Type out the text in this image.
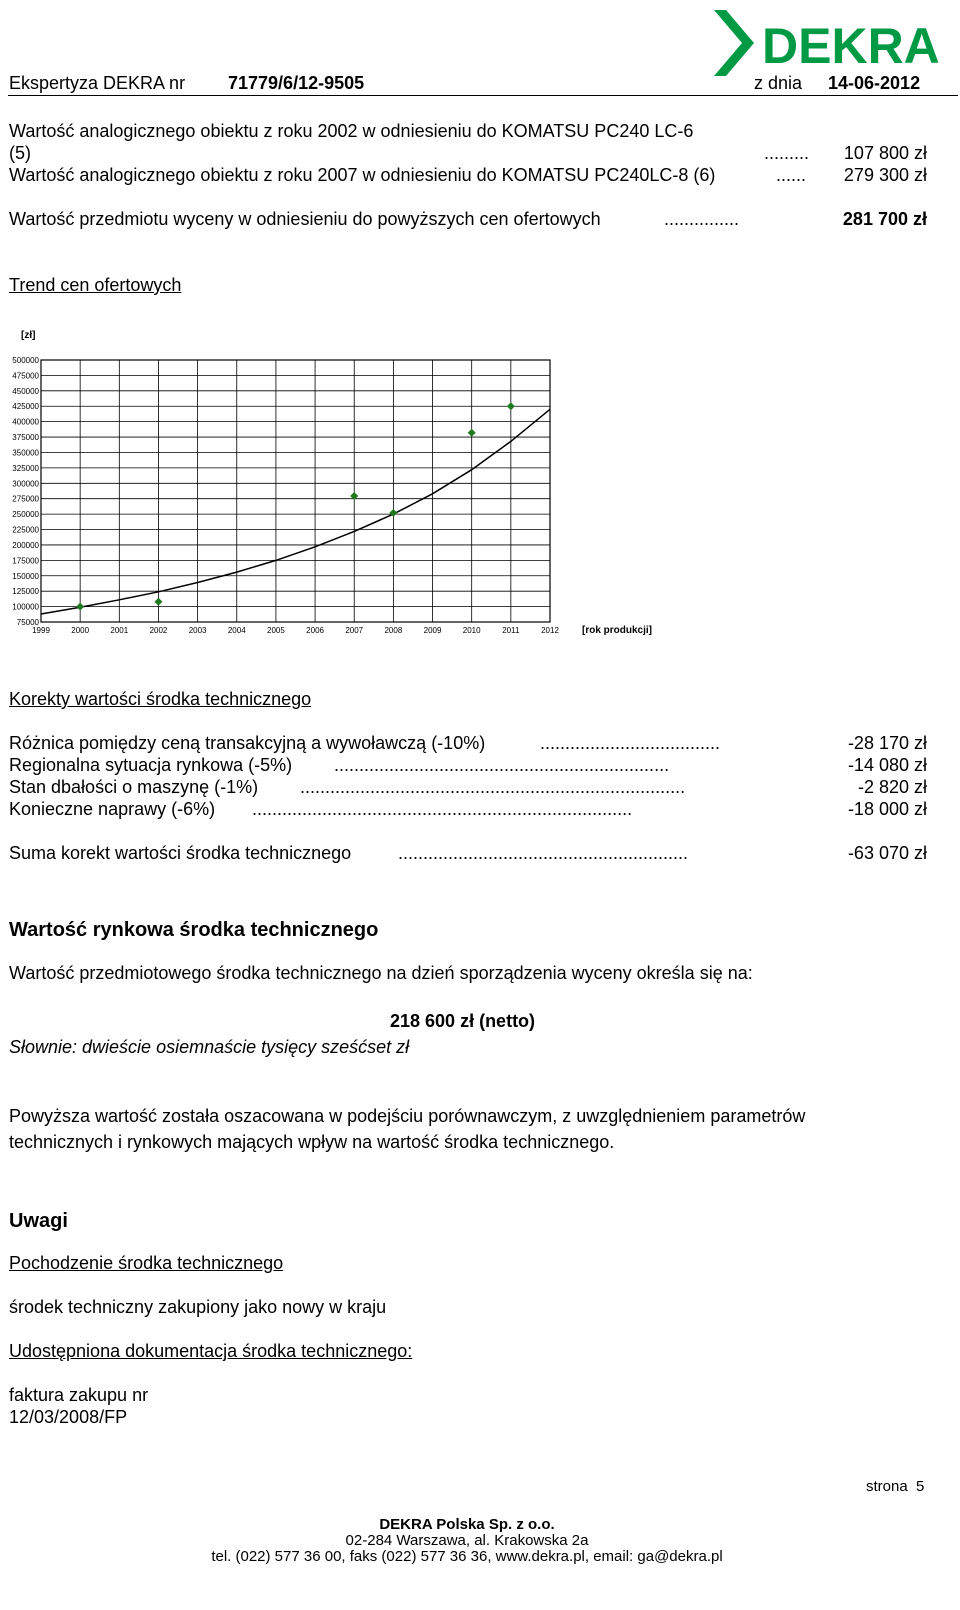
DEKRA
Ekspertyza DEKRA nr 71779/6/12-9505	z dnia 14-06-2012
Wartość analogicznego obiektu z roku 2002 w odniesieniu do KOMATSU PC240 LC-6
(5)	......... 107 800 zł
Wartość analogicznego obiektu z roku 2007 w odniesieniu do KOMATSU PC240LC-8 (6)	...... 279 300 zł
Wartość przedmiotu wyceny w odniesieniu do powyższych cen ofertowych	...............	281 700 zł
Trend cen ofertowych
75000
100000
125000
150000
175000
200000
225000
250000
275000
300000
325000
350000
375000
400000
425000
450000
475000
500000
1999	2000	2001	2002	2003	2004	2005	2006	2007	2008	2009	2010	2011	2012
[zł]
[rok produkcji]
Korekty wartości środka technicznego
Różnica pomiędzy ceną transakcyjną a wywoławczą (-10%)	....................................	-28 170 zł
Regionalna sytuacja rynkowa (-5%) ...................................................................	-14 080 zł
Stan dbałości o maszynę (-1%) .............................................................................	-2 820 zł
Konieczne naprawy (-6%) ............................................................................	-18 000 zł
Suma korekt wartości środka technicznego	..........................................................	-63 070 zł
Wartość rynkowa środka technicznego
Wartość przedmiotowego środka technicznego na dzień sporządzenia wyceny określa się na:
218 600 zł (netto)
Słownie: dwieście osiemnaście tysięcy sześćset zł
Powyższa wartość została oszacowana w podejściu porównawczym, z uwzględnieniem parametrów
technicznych i rynkowych mających wpływ na wartość środka technicznego.
Uwagi
Pochodzenie środka technicznego
środek techniczny zakupiony jako nowy w kraju
Udostępniona dokumentacja środka technicznego:
faktura zakupu nr
12/03/2008/FP
strona 5
DEKRA Polska Sp. z o.o.
02-284 Warszawa, al. Krakowska 2a
tel. (022) 577 36 00, faks (022) 577 36 36, www.dekra.pl, email: ga@dekra.pl
